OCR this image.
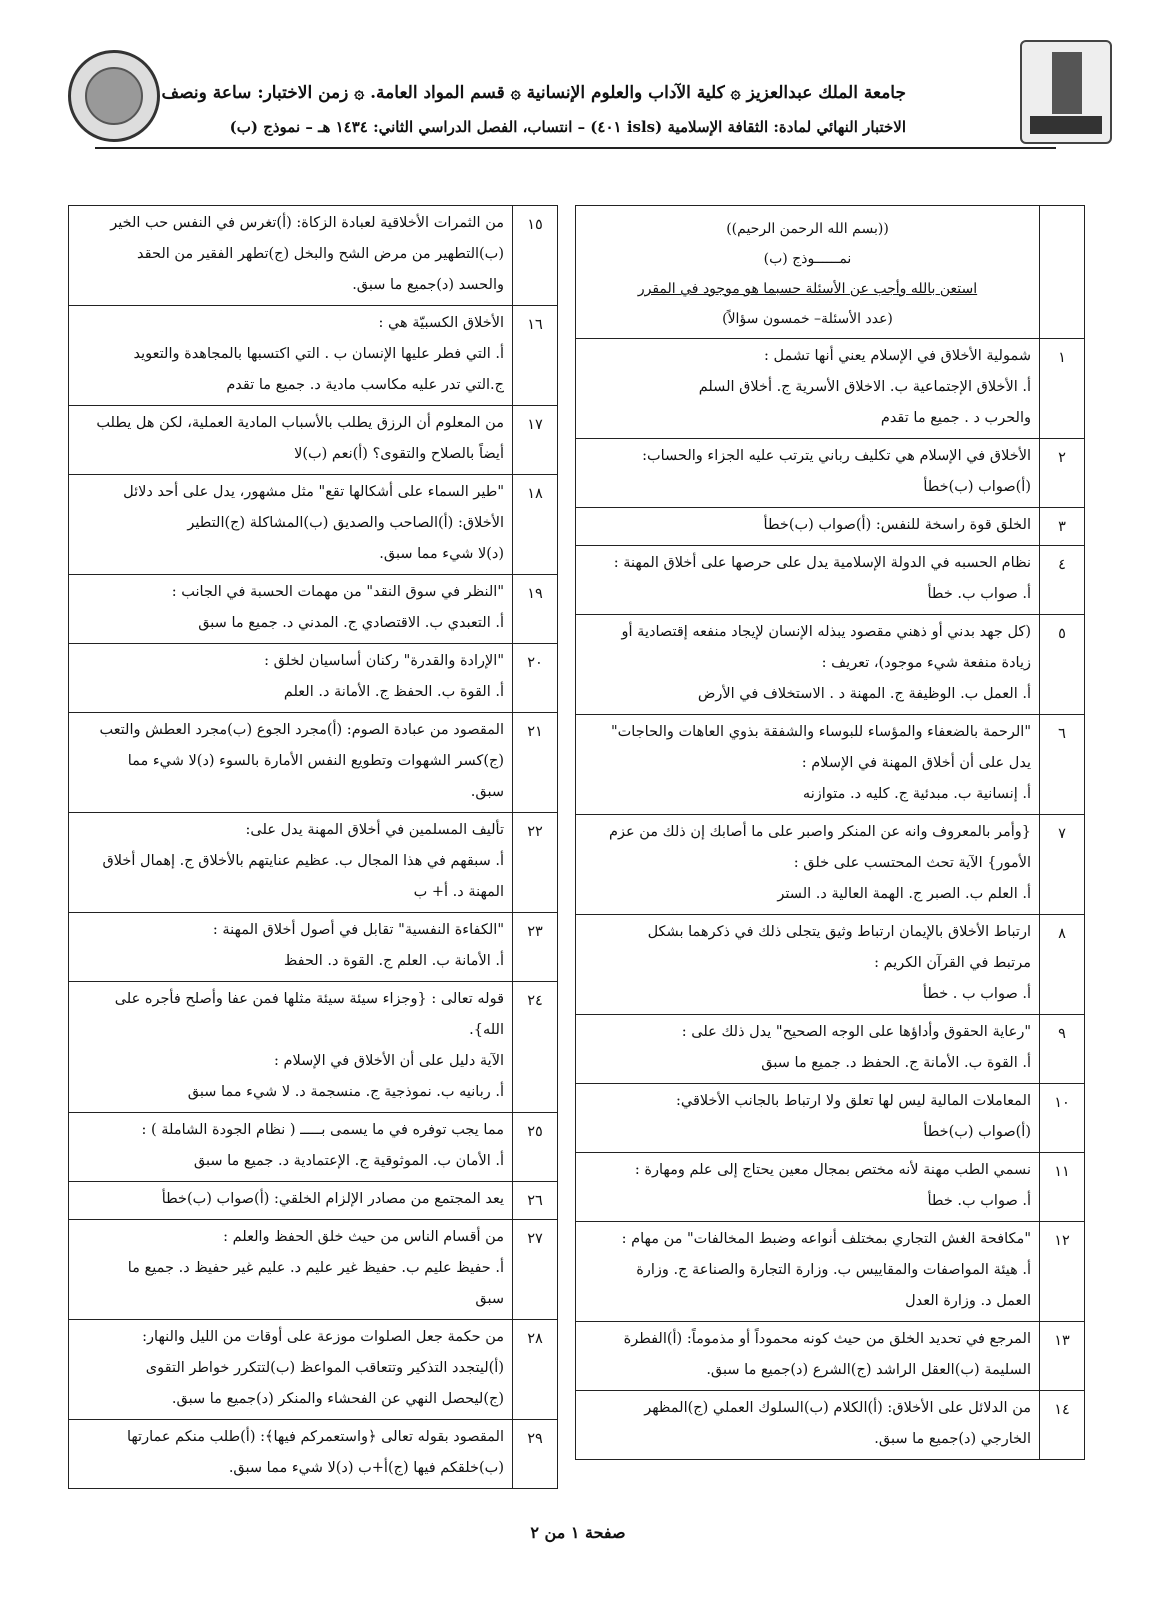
جامعة الملك عبدالعزيز ۞ كلية الآداب والعلوم الإنسانية ۞ قسم المواد العامة. ۞ زمن الاختبار: ساعة ونصف
الاختبار النهائي لمادة: الثقافة الإسلامية (isls ٤٠١) – انتساب، الفصل الدراسي الثاني: ١٤٣٤ هـ – نموذج (ب)

	((بسم الله الرحمن الرحيم))
نمــــــوذج (ب)
استعن بالله وأجب عن الأسئلة حسبما هو موجود في المقرر
(عدد الأسئلة– خمسون سؤالاً)

١	شمولية الأخلاق في الإسلام يعني أنها تشمل :
أ. الأخلاق الإجتماعية ب. الاخلاق الأسرية ج. أخلاق السلم
والحرب د . جميع ما تقدم

٢	الأخلاق في الإسلام هي تكليف رباني يترتب عليه الجزاء والحساب:
(أ)صواب (ب)خطأ

٣	الخلق قوة راسخة للنفس: (أ)صواب (ب)خطأ

٤	نظام الحسبه في الدولة الإسلامية يدل على حرصها على أخلاق المهنة :
أ. صواب ب. خطأ

٥	(كل جهد بدني أو ذهني مقصود يبذله الإنسان لإيجاد منفعه إقتصادية أو
زيادة منفعة شيء موجود)، تعريف :
أ. العمل ب. الوظيفة ج. المهنة د . الاستخلاف في الأرض

٦	"الرحمة بالضعفاء والمؤساء للبوساء والشفقة بذوي العاهات والحاجات"
يدل على أن أخلاق المهنة في الإسلام :
أ. إنسانية ب. مبدئية ج. كليه د. متوازنه

٧	{وأمر بالمعروف وانه عن المنكر واصبر على ما أصابك إن ذلك من عزم
الأمور} الآية تحث المحتسب على خلق :
أ. العلم ب. الصبر ج. الهمة العالية د. الستر

٨	ارتباط الأخلاق بالإيمان ارتباط وثيق يتجلى ذلك في ذكرهما بشكل
مرتبط في القرآن الكريم :
أ. صواب ب . خطأ

٩	"رعاية الحقوق وأداؤها على الوجه الصحيح" يدل ذلك على :
أ. القوة ب. الأمانة ج. الحفظ د. جميع ما سبق

١٠	المعاملات المالية ليس لها تعلق ولا ارتباط بالجانب الأخلاقي:
(أ)صواب (ب)خطأ

١١	نسمي الطب مهنة لأنه مختص بمجال معين يحتاج إلى علم ومهارة :
أ. صواب ب. خطأ

١٢	"مكافحة الغش التجاري بمختلف أنواعه وضبط المخالفات" من مهام :
أ. هيئة المواصفات والمقاييس ب. وزارة التجارة والصناعة ج. وزارة
العمل د. وزارة العدل

١٣	المرجع في تحديد الخلق من حيث كونه محموداً أو مذموماً: (أ)الفطرة
السليمة (ب)العقل الراشد (ج)الشرع (د)جميع ما سبق.

١٤	من الدلائل على الأخلاق: (أ)الكلام (ب)السلوك العملي (ج)المظهر
الخارجي (د)جميع ما سبق.
١٥	من الثمرات الأخلاقية لعبادة الزكاة: (أ)تغرس في النفس حب الخير
(ب)التطهير من مرض الشح والبخل (ج)تطهر الفقير من الحقد
والحسد (د)جميع ما سبق.

١٦	الأخلاق الكسبيّة هي :
أ. التي فطر عليها الإنسان ب . التي اكتسبها بالمجاهدة والتعويد
ج.التي تدر عليه مكاسب مادية د. جميع ما تقدم

١٧	من المعلوم أن الرزق يطلب بالأسباب المادية العملية، لكن هل يطلب
أيضاً بالصلاح والتقوى؟ (أ)نعم (ب)لا

١٨	"طير السماء على أشكالها تقع" مثل مشهور، يدل على أحد دلائل
الأخلاق: (أ)الصاحب والصديق (ب)المشاكلة (ج)التطير
(د)لا شيء مما سبق.

١٩	"النظر في سوق النقد" من مهمات الحسبة في الجانب :
أ. التعبدي ب. الاقتصادي ج. المدني د. جميع ما سبق

٢٠	"الإرادة والقدرة" ركنان أساسيان لخلق :
أ. القوة ب. الحفظ ج. الأمانة د. العلم

٢١	المقصود من عبادة الصوم: (أ)مجرد الجوع (ب)مجرد العطش والتعب
(ج)كسر الشهوات وتطويع النفس الأمارة بالسوء (د)لا شيء مما
سبق.

٢٢	تأليف المسلمين في أخلاق المهنة يدل على:
أ. سبقهم في هذا المجال ب. عظيم عنايتهم بالأخلاق ج. إهمال أخلاق
المهنة د. أ+ ب

٢٣	"الكفاءة النفسية" تقابل في أصول أخلاق المهنة :
أ. الأمانة ب. العلم ج. القوة د. الحفظ

٢٤	قوله تعالى : {وجزاء سيئة سيئة مثلها فمن عفا وأصلح فأجره على الله}.
الآية دليل على أن الأخلاق في الإسلام :
أ. ربانيه ب. نموذجية ج. منسجمة د. لا شيء مما سبق

٢٥	مما يجب توفره في ما يسمى بـــــ ( نظام الجودة الشاملة ) :
أ. الأمان ب. الموثوقية ج. الإعتمادية د. جميع ما سبق

٢٦	يعد المجتمع من مصادر الإلزام الخلقي: (أ)صواب (ب)خطأ

٢٧	من أقسام الناس من حيث خلق الحفظ والعلم :
أ. حفيظ عليم ب. حفيظ غير عليم د. عليم غير حفيظ د. جميع ما
سبق

٢٨	من حكمة جعل الصلوات موزعة على أوقات من الليل والنهار:
(أ)ليتجدد التذكير وتتعاقب المواعظ (ب)لتتكرر خواطر التقوى
(ج)ليحصل النهي عن الفحشاء والمنكر (د)جميع ما سبق.

٢٩	المقصود بقوله تعالى ﴿واستعمركم فيها﴾: (أ)طلب منكم عمارتها
(ب)خلقكم فيها (ج)أ+ب (د)لا شيء مما سبق.
صفحة ١ من ٢
